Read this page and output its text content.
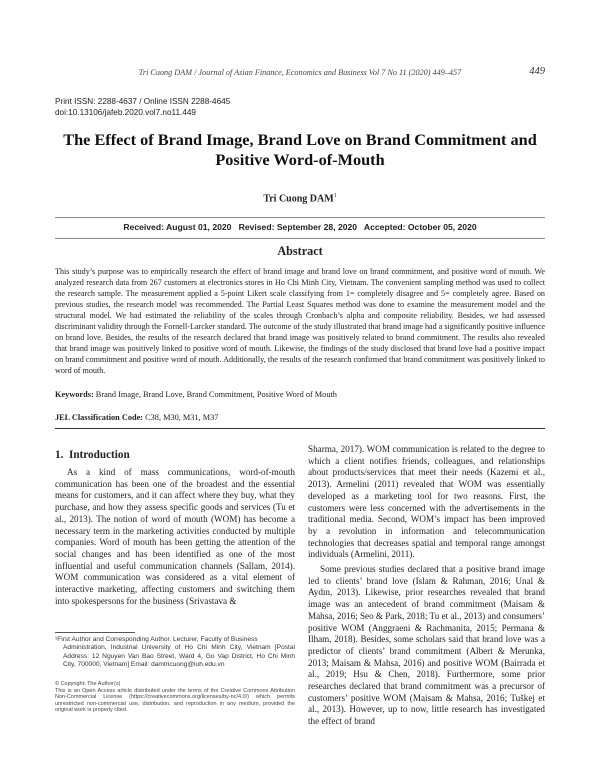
Tri Cuong DAM / Journal of Asian Finance, Economics and Business Vol 7 No 11 (2020) 449–457	449
Print ISSN: 2288-4637 / Online ISSN 2288-4645
doi:10.13106/jafeb.2020.vol7.no11.449
The Effect of Brand Image, Brand Love on Brand Commitment and
Positive Word-of-Mouth
Tri Cuong DAM$^1$
Received: August 01, 2020   Revised: September 28, 2020   Accepted: October 05, 2020
Abstract
This study’s purpose was to empirically research the effect of brand image and brand love on brand commitment, and positive word of mouth. We analyzed research data from 267 customers at electronics stores in Ho Chi Minh City, Vietnam. The convenient sampling method was used to collect the research sample. The measurement applied a 5-point Likert scale classifying from 1= completely disagree and 5= completely agree. Based on previous studies, the research model was recommended. The Partial Least Squares method was done to examine the measurement model and the structural model. We had estimated the reliability of the scales through Cronbach’s alpha and composite reliability. Besides, we had assessed discriminant validity through the Fornell-Larcker standard. The outcome of the study illustrated that brand image had a significantly positive influence on brand love. Besides, the results of the research declared that brand image was positively related to brand commitment. The results also revealed that brand image was positively linked to positive word of mouth. Likewise, the findings of the study disclosed that brand love had a positive impact on brand commitment and positive word of mouth. Additionally, the results of the research confirmed that brand commitment was positively linked to word of mouth.
Keywords: Brand Image, Brand Love, Brand Commitment, Positive Word of Mouth
JEL Classification Code: C38, M30, M31, M37
1.  Introduction
As a kind of mass communications, word-of-mouth communication has been one of the broadest and the essential means for customers, and it can affect where they buy, what they purchase, and how they assess specific goods and services (Tu et al., 2013). The notion of word of mouth (WOM) has become a necessary term in the marketing activities conducted by multiple companies. Word of mouth has been getting the attention of the social changes and has been identified as one of the most influential and useful communication channels (Sallam, 2014). WOM communication was considered as a vital element of interactive marketing, affecting customers and switching them into spokespersons for the business (Srivastava &

Sharma, 2017). WOM communication is related to the degree to which a client notifies friends, colleagues, and relationships about products/services that meet their needs (Kazemi et al., 2013). Armelini (2011) revealed that WOM was essentially developed as a marketing tool for two reasons. First, the customers were less concerned with the advertisements in the traditional media. Second, WOM’s impact has been improved by a revolution in information and telecommunication technologies that decreases spatial and temporal range amongst individuals (Armelini, 2011).

Some previous studies declared that a positive brand image led to clients’ brand love (Islam & Rahman, 2016; Unal & Aydın, 2013). Likewise, prior researches revealed that brand image was an antecedent of brand commitment (Maisam & Mahsa, 2016; Seo & Park, 2018; Tu et al., 2013) and consumers’ positive WOM (Anggraeni & Rachmanita, 2015; Permana & Ilham, 2018). Besides, some scholars said that brand love was a predictor of clients’ brand commitment (Albert & Merunka, 2013; Maisam & Mahsa, 2016) and positive WOM (Bairrada et al., 2019; Hsu & Chen, 2018). Furthermore, some prior researches declared that brand commitment was a precursor of customers’ positive WOM (Maisam & Mahsa, 2016; Tuškej et al., 2013). However, up to now, little research has investigated the effect of brand

¹First Author and Corresponding Author. Lecturer, Faculty of Business
Administration, Industrial University of Ho Chi Minh City, Vietnam [Postal Address: 12 Nguyen Van Bao Street, Ward 4, Go Vap District, Ho Chi Minh City, 700000, Vietnam] Email: damtricuong@iuh.edu.vn
© Copyright: The Author(s)
This is an Open Access article distributed under the terms of the Creative Commons Attribution Non-Commercial License (https://creativecommons.org/licenses/by-nc/4.0/) which permits unrestricted non-commercial use, distribution, and reproduction in any medium, provided the original work is properly cited.
